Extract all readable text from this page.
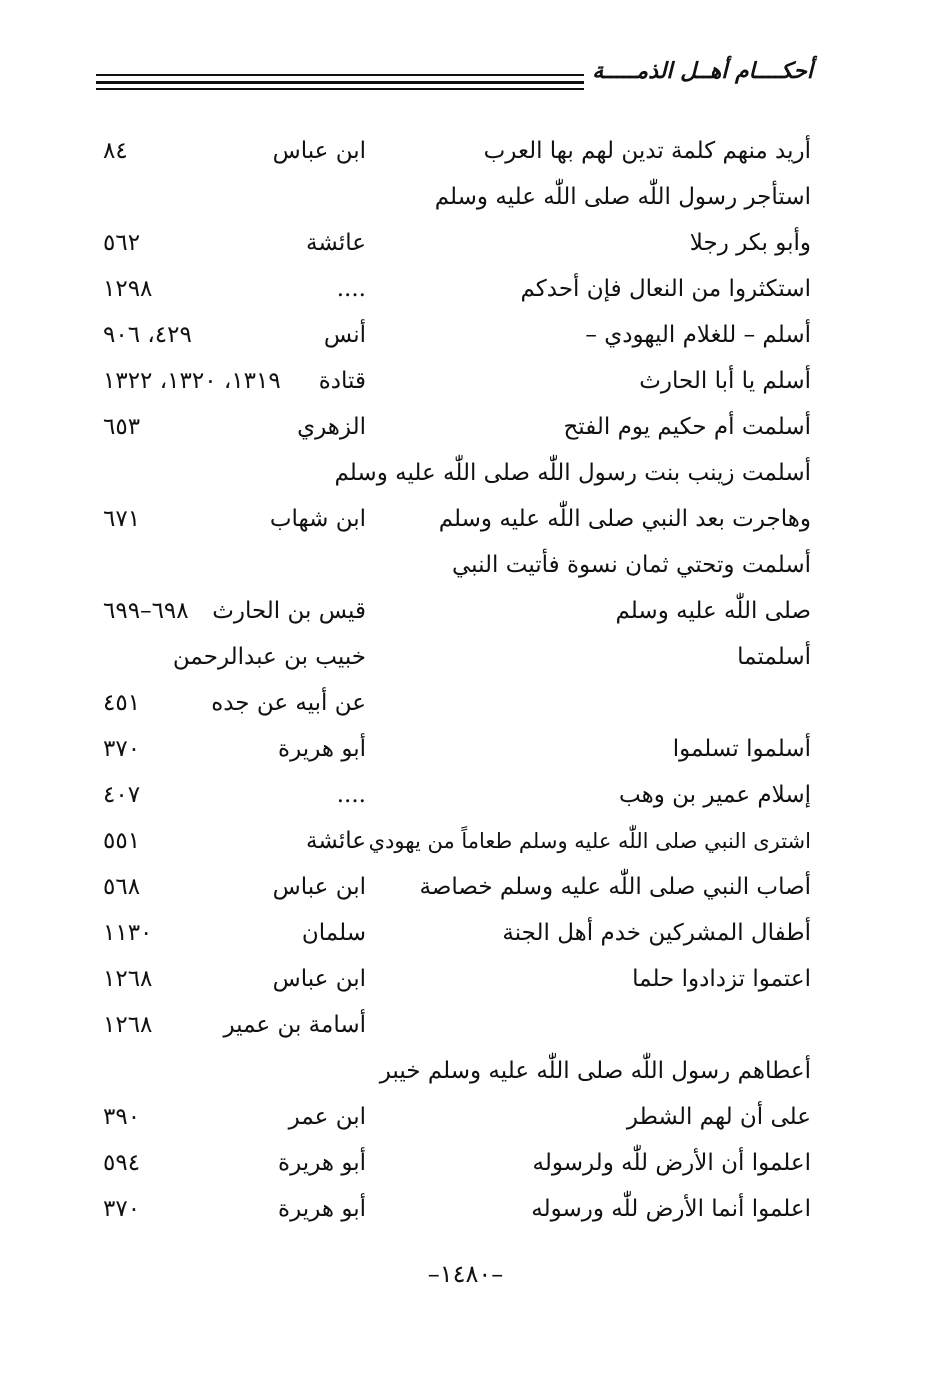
أحكــــام أهــل الذمـــــة
أريد منهم كلمة تدين لهم بها العرب
ابن عباس
٨٤
استأجر رسول اللّٰه صلى اللّٰه عليه وسلم
وأبو بكر رجلا
عائشة
٥٦٢
استكثروا من النعال فإن أحدكم
....
١٢٩٨
أسلم – للغلام اليهودي –
أنس
٤٢٩، ٩٠٦
أسلم يا أبا الحارث
قتادة
١٣١٩، ١٣٢٠، ١٣٢٢
أسلمت أم حكيم يوم الفتح
الزهري
٦٥٣
أسلمت زينب بنت رسول اللّٰه صلى اللّٰه عليه وسلم
وهاجرت بعد النبي صلى اللّٰه عليه وسلم
ابن شهاب
٦٧١
أسلمت وتحتي ثمان نسوة فأتيت النبي
صلى اللّٰه عليه وسلم
قيس بن الحارث
٦٩٨–٦٩٩
أسلمتما
خبيب بن عبدالرحمن
عن أبيه عن جده
٤٥١
أسلموا تسلموا
أبو هريرة
٣٧٠
إسلام عمير بن وهب
....
٤٠٧
اشترى النبي صلى اللّٰه عليه وسلم طعاماً من يهودي
عائشة
٥٥١
أصاب النبي صلى اللّٰه عليه وسلم خصاصة
ابن عباس
٥٦٨
أطفال المشركين خدم أهل الجنة
سلمان
١١٣٠
اعتموا تزدادوا حلما
ابن عباس
١٢٦٨
أسامة بن عمير
١٢٦٨
أعطاهم رسول اللّٰه صلى اللّٰه عليه وسلم خيبر
على أن لهم الشطر
ابن عمر
٣٩٠
اعلموا أن الأرض للّٰه ولرسوله
أبو هريرة
٥٩٤
اعلموا أنما الأرض للّٰه ورسوله
أبو هريرة
٣٧٠
–١٤٨٠–
